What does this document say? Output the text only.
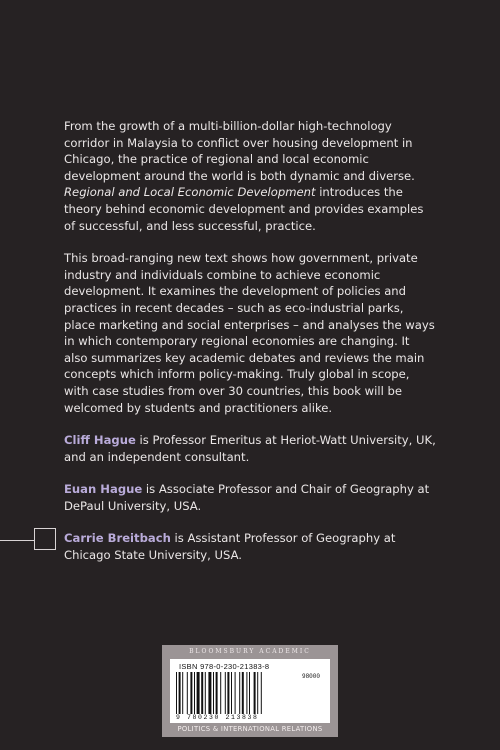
From the growth of a multi-billion-dollar high-technology corridor in Malaysia to conflict over housing development in Chicago, the practice of regional and local economic development around the world is both dynamic and diverse. Regional and Local Economic Development introduces the theory behind economic development and provides examples of successful, and less successful, practice.

This broad-ranging new text shows how government, private industry and individuals combine to achieve economic development. It examines the development of policies and practices in recent decades – such as eco-industrial parks, place marketing and social enterprises – and analyses the ways in which contemporary regional economies are changing. It also summarizes key academic debates and reviews the main concepts which inform policy-making. Truly global in scope, with case studies from over 30 countries, this book will be welcomed by students and practitioners alike.

Cliff Hague is Professor Emeritus at Heriot-Watt University, UK, and an independent consultant.

Euan Hague is Associate Professor and Chair of Geography at DePaul University, USA.

Carrie Breitbach is Assistant Professor of Geography at Chicago State University, USA.

BLOOMSBURY ACADEMIC
ISBN 978-0-230-21383-8
98000
9 780230 213838
POLITICS & INTERNATIONAL RELATIONS
